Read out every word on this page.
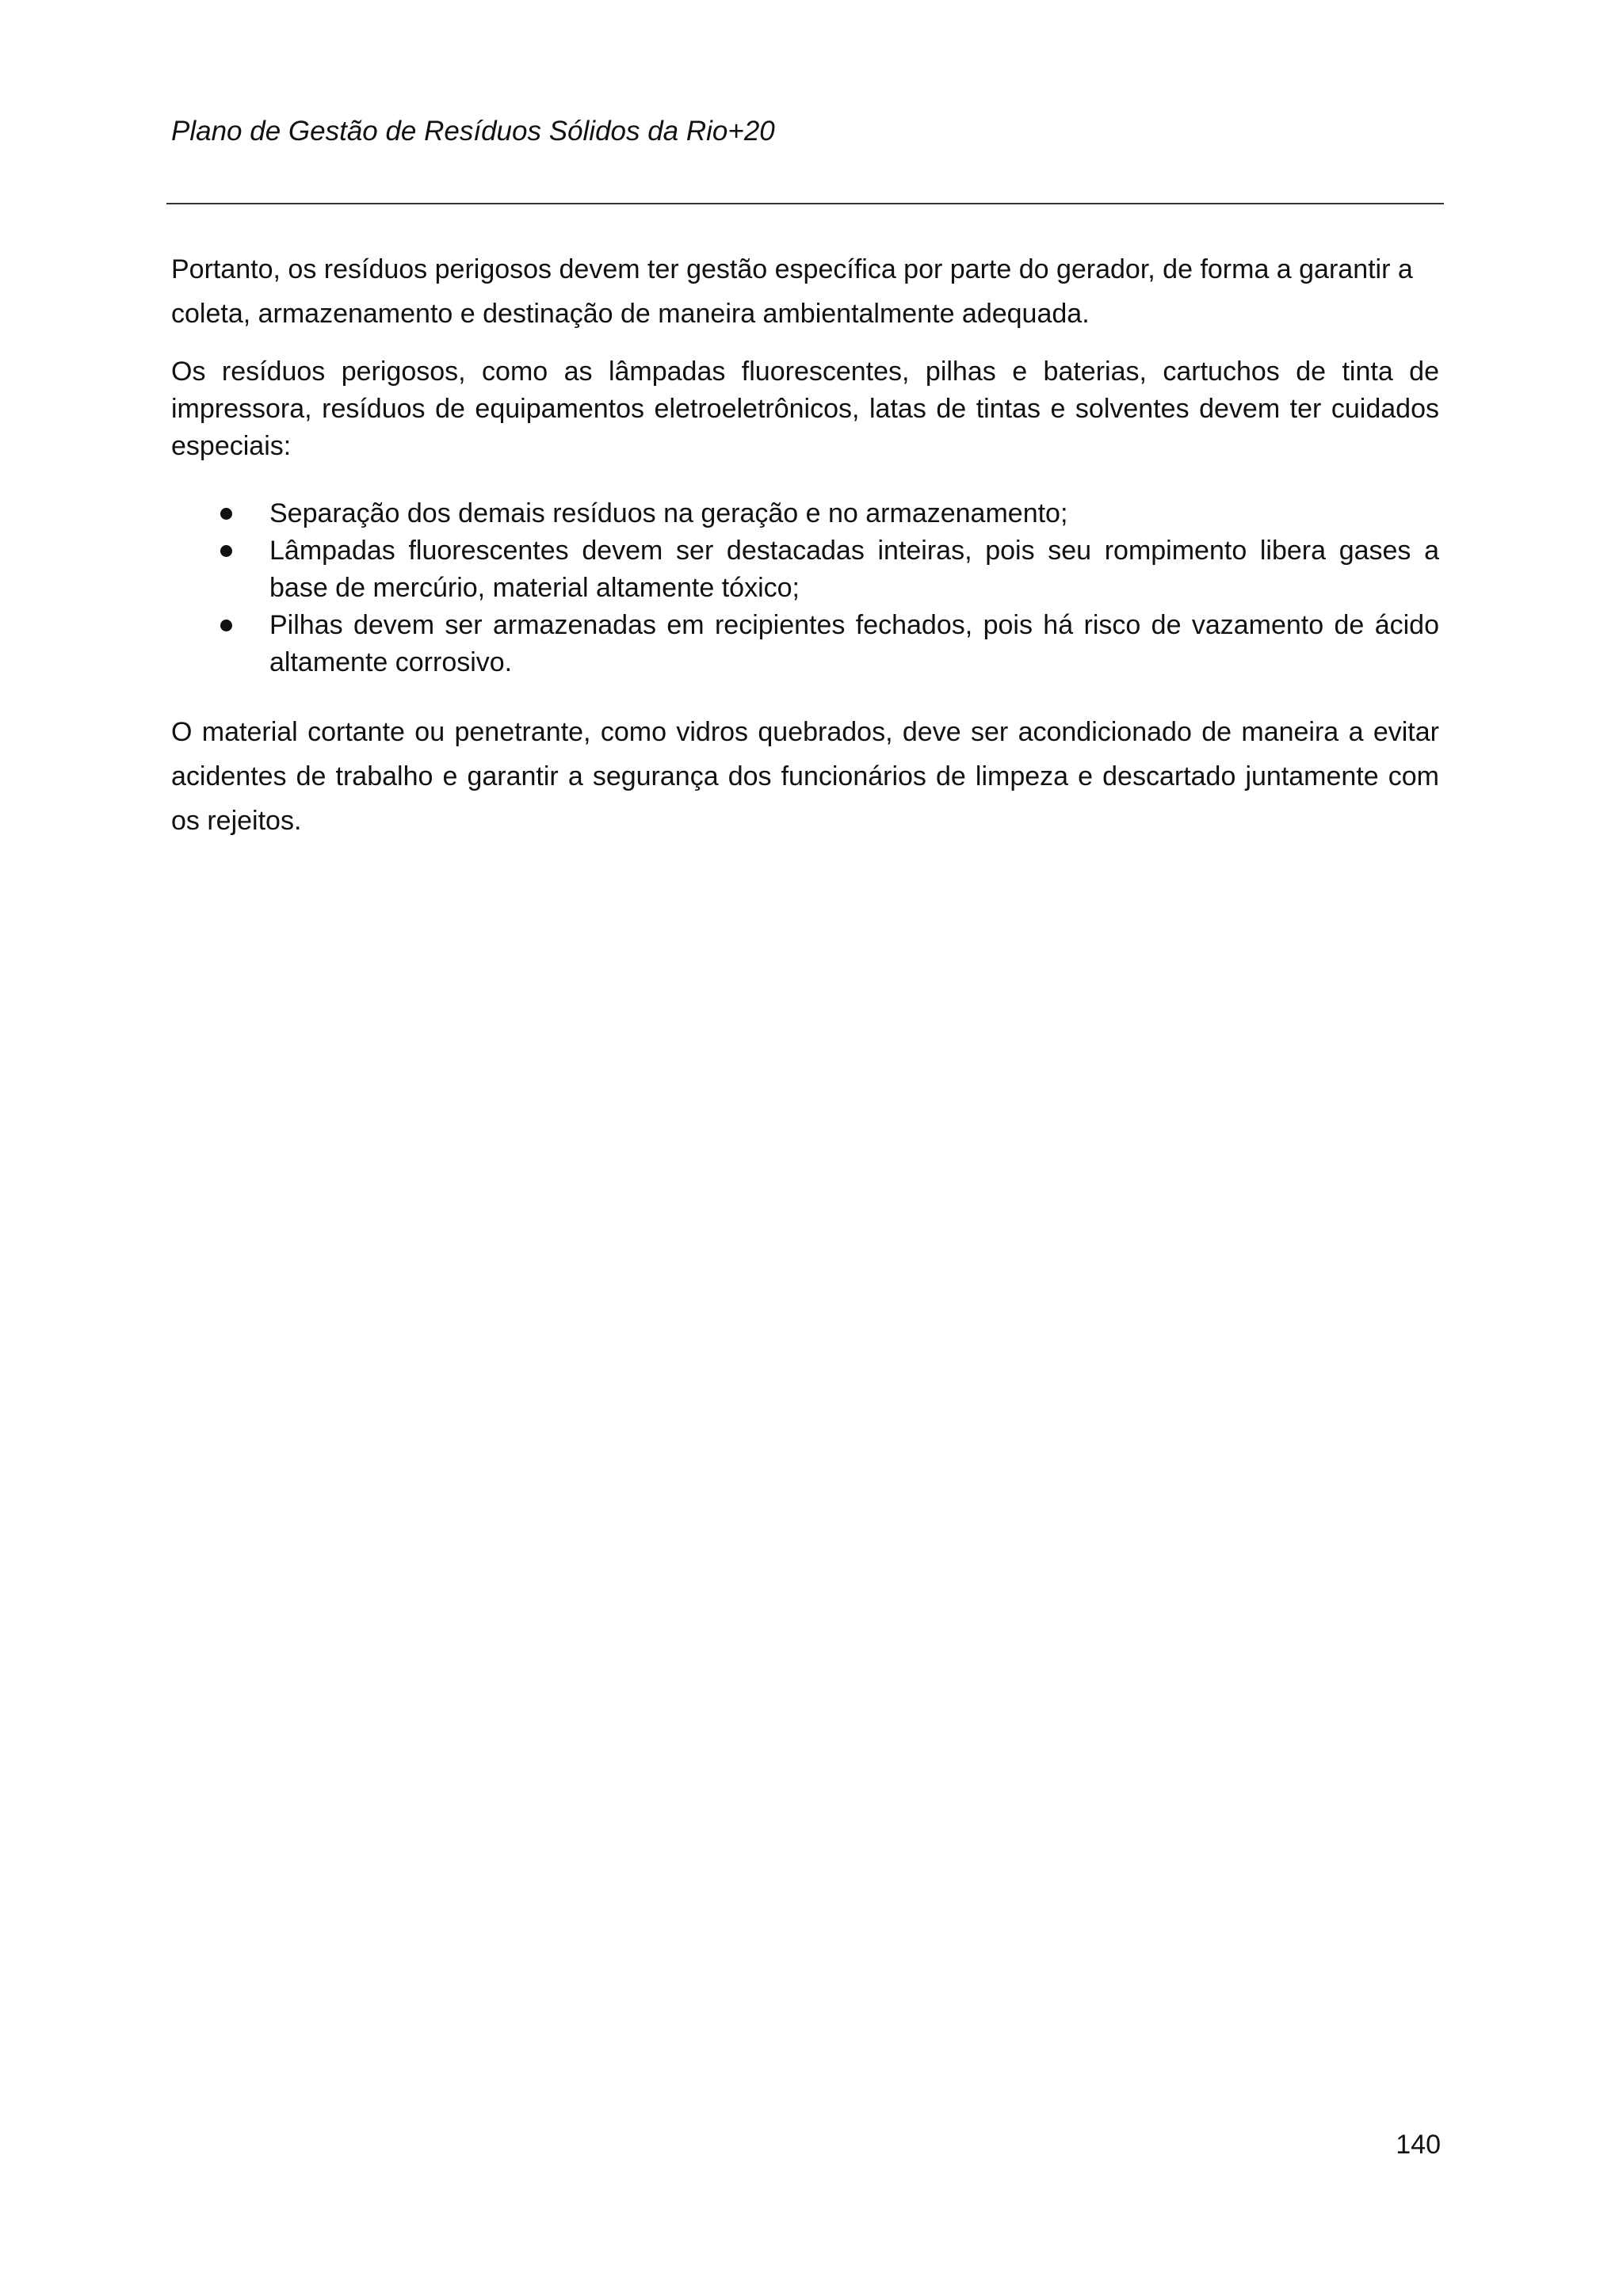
Plano de Gestão de Resíduos Sólidos da Rio+20

Portanto, os resíduos perigosos devem ter gestão específica por parte do gerador, de forma a garantir a coleta, armazenamento e destinação de maneira ambientalmente adequada.

Os resíduos perigosos, como as lâmpadas fluorescentes, pilhas e baterias, cartuchos de tinta de impressora, resíduos de equipamentos eletroeletrônicos, latas de tintas e solventes devem ter cuidados especiais:

Separação dos demais resíduos na geração e no armazenamento;
Lâmpadas fluorescentes devem ser destacadas inteiras, pois seu rompimento libera gases a base de mercúrio, material altamente tóxico;
Pilhas devem ser armazenadas em recipientes fechados, pois há risco de vazamento de ácido altamente corrosivo.

O material cortante ou penetrante, como vidros quebrados, deve ser acondicionado de maneira a evitar acidentes de trabalho e garantir a segurança dos funcionários de limpeza e descartado juntamente com os rejeitos.

140
